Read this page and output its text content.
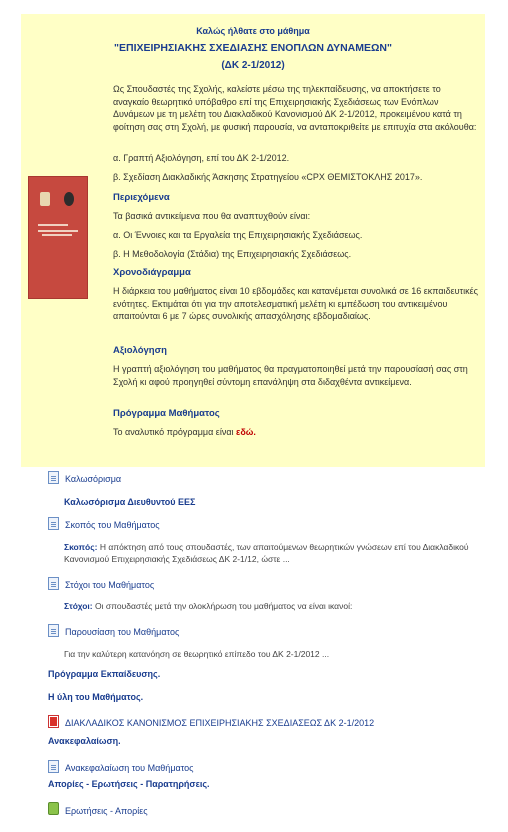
Καλώς ήλθατε στο μάθημα
"ΕΠΙΧΕΙΡΗΣΙΑΚΗΣ ΣΧΕΔΙΑΣΗΣ ΕΝΟΠΛΩΝ ΔΥΝΑΜΕΩΝ"
(ΔΚ 2-1/2012)
Ως Σπουδαστές της Σχολής, καλείστε μέσω της τηλεκπαίδευσης, να αποκτήσετε το αναγκαίο θεωρητικό υπόβαθρο επί της Επιχειρησιακής Σχεδιάσεως των Ενόπλων Δυνάμεων με τη μελέτη του Διακλαδικού Κανονισμού ΔΚ 2-1/2012, προκειμένου κατά τη φοίτηση σας στη Σχολή, με φυσική παρουσία, να ανταποκριθείτε με επιτυχία στα ακόλουθα:
α. Γραπτή Αξιολόγηση, επί του ΔΚ 2-1/2012.
β. Σχεδίαση Διακλαδικής Άσκησης Στρατηγείου «CPX ΘΕΜΙΣΤΟΚΛΗΣ 2017».
Περιεχόμενα
Τα βασικά αντικείμενα που θα αναπτυχθούν είναι:
α. Οι Έννοιες και τα Εργαλεία της Επιχειρησιακής Σχεδιάσεως.
β. Η Μεθοδολογία (Στάδια) της Επιχειρησιακής Σχεδιάσεως.
Χρονοδιάγραμμα
Η διάρκεια του μαθήματος είναι 10 εβδομάδες και κατανέμεται συνολικά σε 16 εκπαιδευτικές ενότητες. Εκτιμάται ότι για την αποτελεσματική μελέτη κι εμπέδωση του αντικειμένου απαιτούνται 6 με 7 ώρες συνολικής απασχόλησης εβδομαδιαίως.
Αξιολόγηση
Η γραπτή αξιολόγηση του μαθήματος θα πραγματοποιηθεί μετά την παρουσίασή σας στη Σχολή κι αφού προηγηθεί σύντομη επανάληψη στα διδαχθέντα αντικείμενα.
Πρόγραμμα Μαθήματος
Το αναλυτικό πρόγραμμα είναι εδώ.
Καλωσόρισμα
Καλωσόρισμα Διευθυντού ΕΕΣ
Σκοπός του Μαθήματος
Σκοπός: Η απόκτηση από τους σπουδαστές, των απαιτούμενων θεωρητικών γνώσεων επί του Διακλαδικού Κανονισμού Επιχειρησιακής Σχεδιάσεως ΔΚ 2-1/12, ώστε ...
Στόχοι του Μαθήματος
Στόχοι: Οι σπουδαστές μετά την ολοκλήρωση του μαθήματος να είναι ικανοί:
Παρουσίαση του Μαθήματος
Για την καλύτερη κατανόηση σε θεωρητικό επίπεδο του ΔΚ 2-1/2012 ...
Πρόγραμμα Εκπαίδευσης.
Η ύλη του Μαθήματος.
ΔΙΑΚΛΑΔΙΚΟΣ ΚΑΝΟΝΙΣΜΟΣ ΕΠΙΧΕΙΡΗΣΙΑΚΗΣ ΣΧΕΔΙΑΣΕΩΣ ΔΚ 2-1/2012
Ανακεφαλαίωση.
Ανακεφαλαίωση του Μαθήματος
Απορίες - Ερωτήσεις - Παρατηρήσεις.
Ερωτήσεις - Απορίες
